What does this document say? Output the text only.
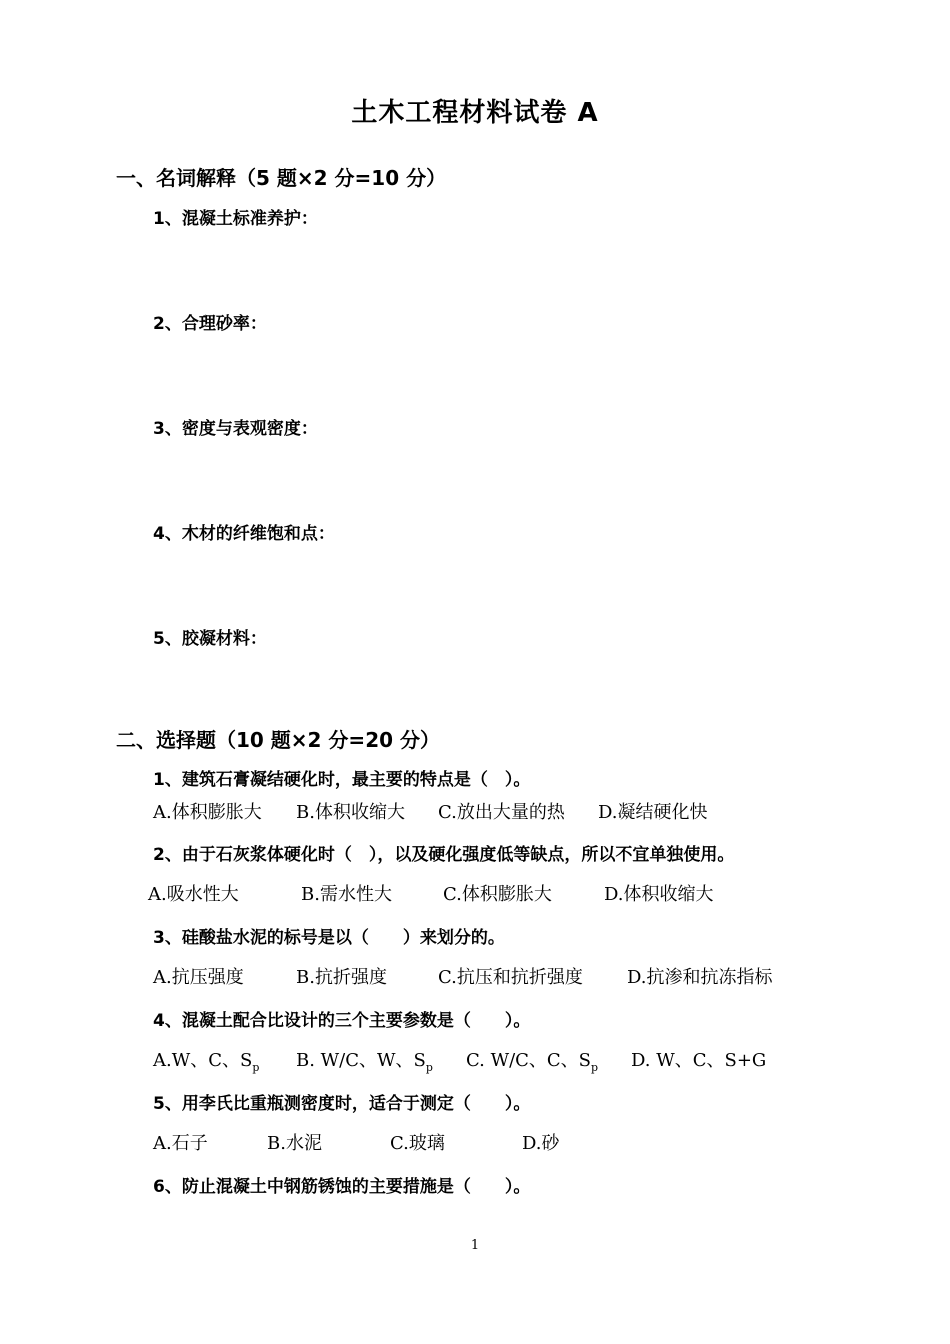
土木工程材料试卷 A
一、名词解释（5 题×2 分=10 分）
1、混凝土标准养护：
2、合理砂率：
3、密度与表观密度：
4、木材的纤维饱和点：
5、胶凝材料：
二、选择题（10 题×2 分=20 分）
1、建筑石膏凝结硬化时，最主要的特点是（　）。
A.体积膨胀大 B.体积收缩大 C.放出大量的热 D.凝结硬化快
2、由于石灰浆体硬化时（　），以及硬化强度低等缺点，所以不宜单独使用。
A.吸水性大	B.需水性大	C.体积膨胀大	D.体积收缩大
3、硅酸盐水泥的标号是以（　　）来划分的。
A.抗压强度	B.抗折强度	C.抗压和抗折强度 D.抗渗和抗冻指标
4、混凝土配合比设计的三个主要参数是（　　）。
A.W、C、$S_p$ B. W/C、W、$S_p$ C. W/C、C、$S_p$ D. W、C、S+G
5、用李氏比重瓶测密度时，适合于测定（　　）。
A.石子	B.水泥	C.玻璃	D.砂
6、防止混凝土中钢筋锈蚀的主要措施是（　　）。
1
